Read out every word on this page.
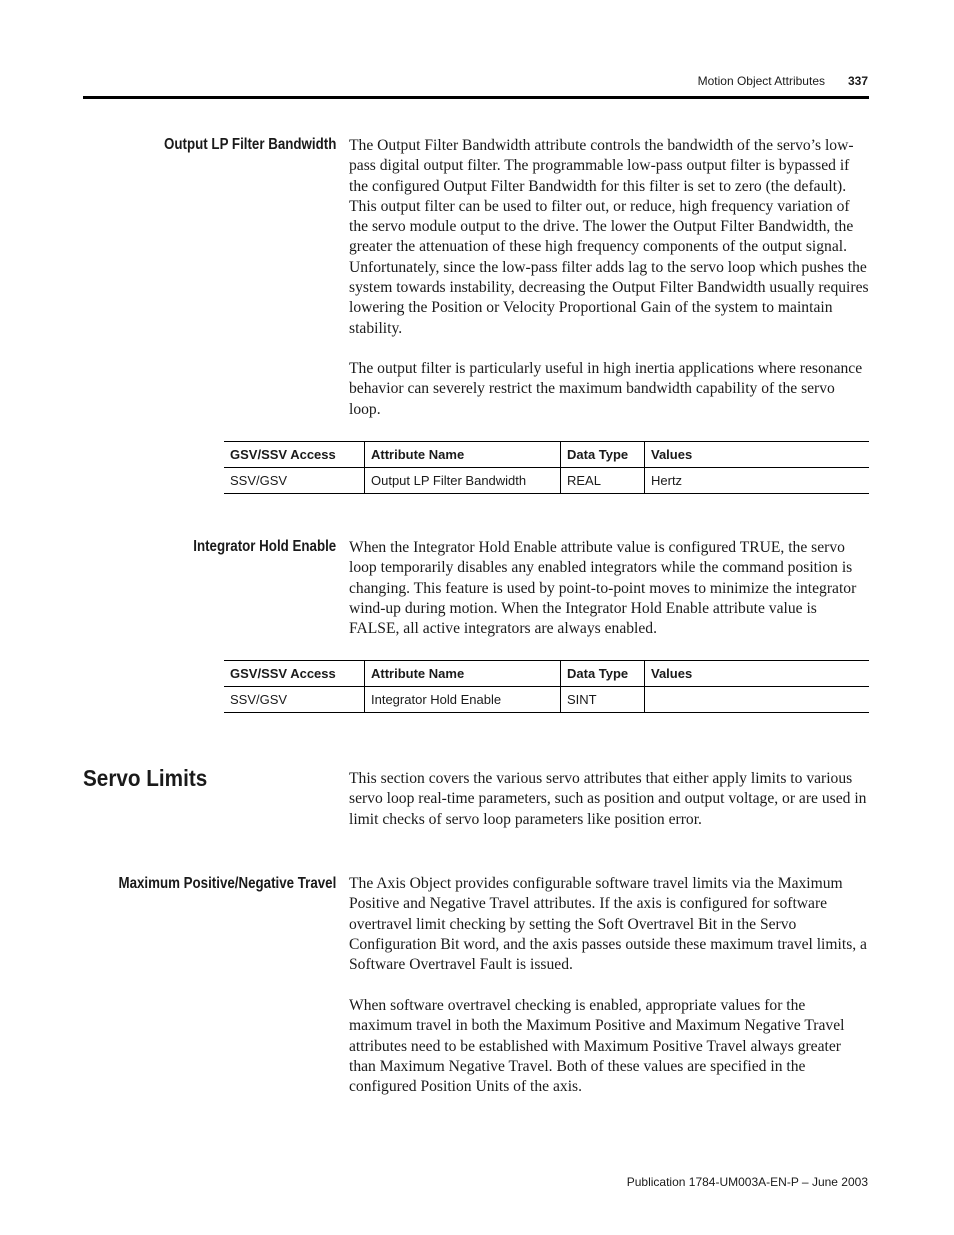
Motion Object Attributes 337
Output LP Filter Bandwidth The Output Filter Bandwidth attribute controls the bandwidth of the servo’s low-pass digital output filter. The programmable low-pass output filter is bypassed if the configured Output Filter Bandwidth for this filter is set to zero (the default). This output filter can be used to filter out, or reduce, high frequency variation of the servo module output to the drive. The lower the Output Filter Bandwidth, the greater the attenuation of these high frequency components of the output signal. Unfortunately, since the low-pass filter adds lag to the servo loop which pushes the system towards instability, decreasing the Output Filter Bandwidth usually requires lowering the Position or Velocity Proportional Gain of the system to maintain stability.

The output filter is particularly useful in high inertia applications where resonance behavior can severely restrict the maximum bandwidth capability of the servo loop.

GSV/SSV Access	Attribute Name	Data Type	Values
SSV/GSV	Output LP Filter Bandwidth	REAL	Hertz
Integrator Hold Enable When the Integrator Hold Enable attribute value is configured TRUE, the servo loop temporarily disables any enabled integrators while the command position is changing. This feature is used by point-to-point moves to minimize the integrator wind-up during motion. When the Integrator Hold Enable attribute value is FALSE, all active integrators are always enabled.

GSV/SSV Access	Attribute Name	Data Type	Values
SSV/GSV	Integrator Hold Enable	SINT	
Servo Limits	This section covers the various servo attributes that either apply limits to various servo loop real-time parameters, such as position and output voltage, or are used in limit checks of servo loop parameters like position error.

Maximum Positive/Negative Travel The Axis Object provides configurable software travel limits via the Maximum Positive and Negative Travel attributes. If the axis is configured for software overtravel limit checking by setting the Soft Overtravel Bit in the Servo Configuration Bit word, and the axis passes outside these maximum travel limits, a Software Overtravel Fault is issued.

When software overtravel checking is enabled, appropriate values for the maximum travel in both the Maximum Positive and Maximum Negative Travel attributes need to be established with Maximum Positive Travel always greater than Maximum Negative Travel. Both of these values are specified in the configured Position Units of the axis.

Publication 1784-UM003A-EN-P – June 2003
